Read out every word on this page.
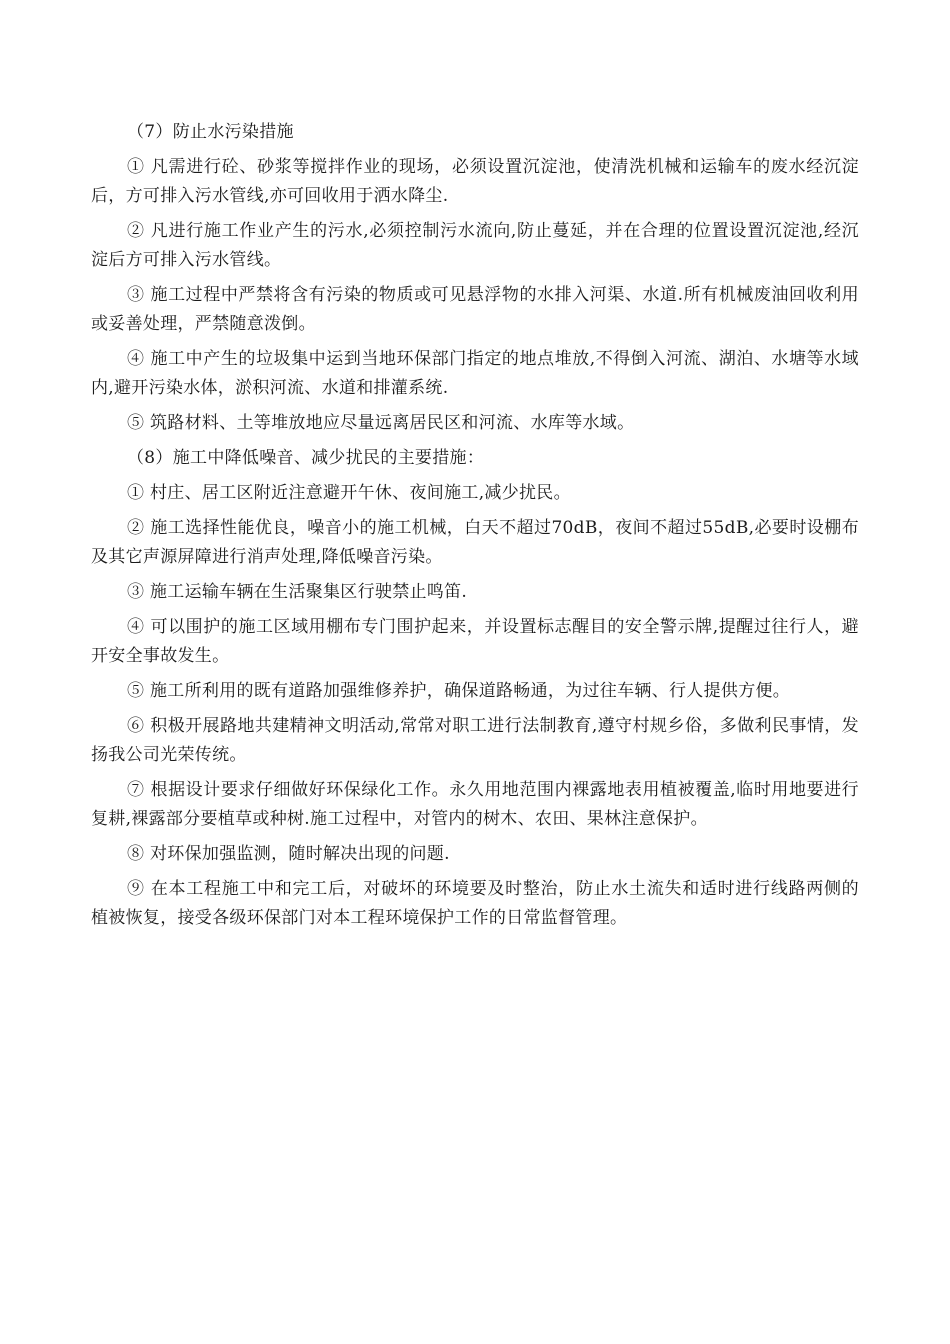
（7）防止水污染措施

① 凡需进行砼、砂浆等搅拌作业的现场，必须设置沉淀池，使清洗机械和运输车的废水经沉淀后，方可排入污水管线,亦可回收用于洒水降尘.

② 凡进行施工作业产生的污水,必须控制污水流向,防止蔓延，并在合理的位置设置沉淀池,经沉淀后方可排入污水管线。

③ 施工过程中严禁将含有污染的物质或可见悬浮物的水排入河渠、水道.所有机械废油回收利用或妥善处理，严禁随意泼倒。

④ 施工中产生的垃圾集中运到当地环保部门指定的地点堆放,不得倒入河流、湖泊、水塘等水域内,避开污染水体，淤积河流、水道和排灌系统.

⑤ 筑路材料、土等堆放地应尽量远离居民区和河流、水库等水域。

（8）施工中降低噪音、减少扰民的主要措施：

① 村庄、居工区附近注意避开午休、夜间施工,减少扰民。

② 施工选择性能优良，噪音小的施工机械，白天不超过70dB，夜间不超过55dB,必要时设棚布及其它声源屏障进行消声处理,降低噪音污染。

③ 施工运输车辆在生活聚集区行驶禁止鸣笛.

④ 可以围护的施工区域用棚布专门围护起来，并设置标志醒目的安全警示牌,提醒过往行人，避开安全事故发生。

⑤ 施工所利用的既有道路加强维修养护，确保道路畅通，为过往车辆、行人提供方便。

⑥ 积极开展路地共建精神文明活动,常常对职工进行法制教育,遵守村规乡俗，多做利民事情，发扬我公司光荣传统。

⑦ 根据设计要求仔细做好环保绿化工作。永久用地范围内裸露地表用植被覆盖,临时用地要进行复耕,裸露部分要植草或种树.施工过程中，对管内的树木、农田、果林注意保护。

⑧ 对环保加强监测，随时解决出现的问题.

⑨ 在本工程施工中和完工后，对破坏的环境要及时整治，防止水土流失和适时进行线路两侧的植被恢复，接受各级环保部门对本工程环境保护工作的日常监督管理。
